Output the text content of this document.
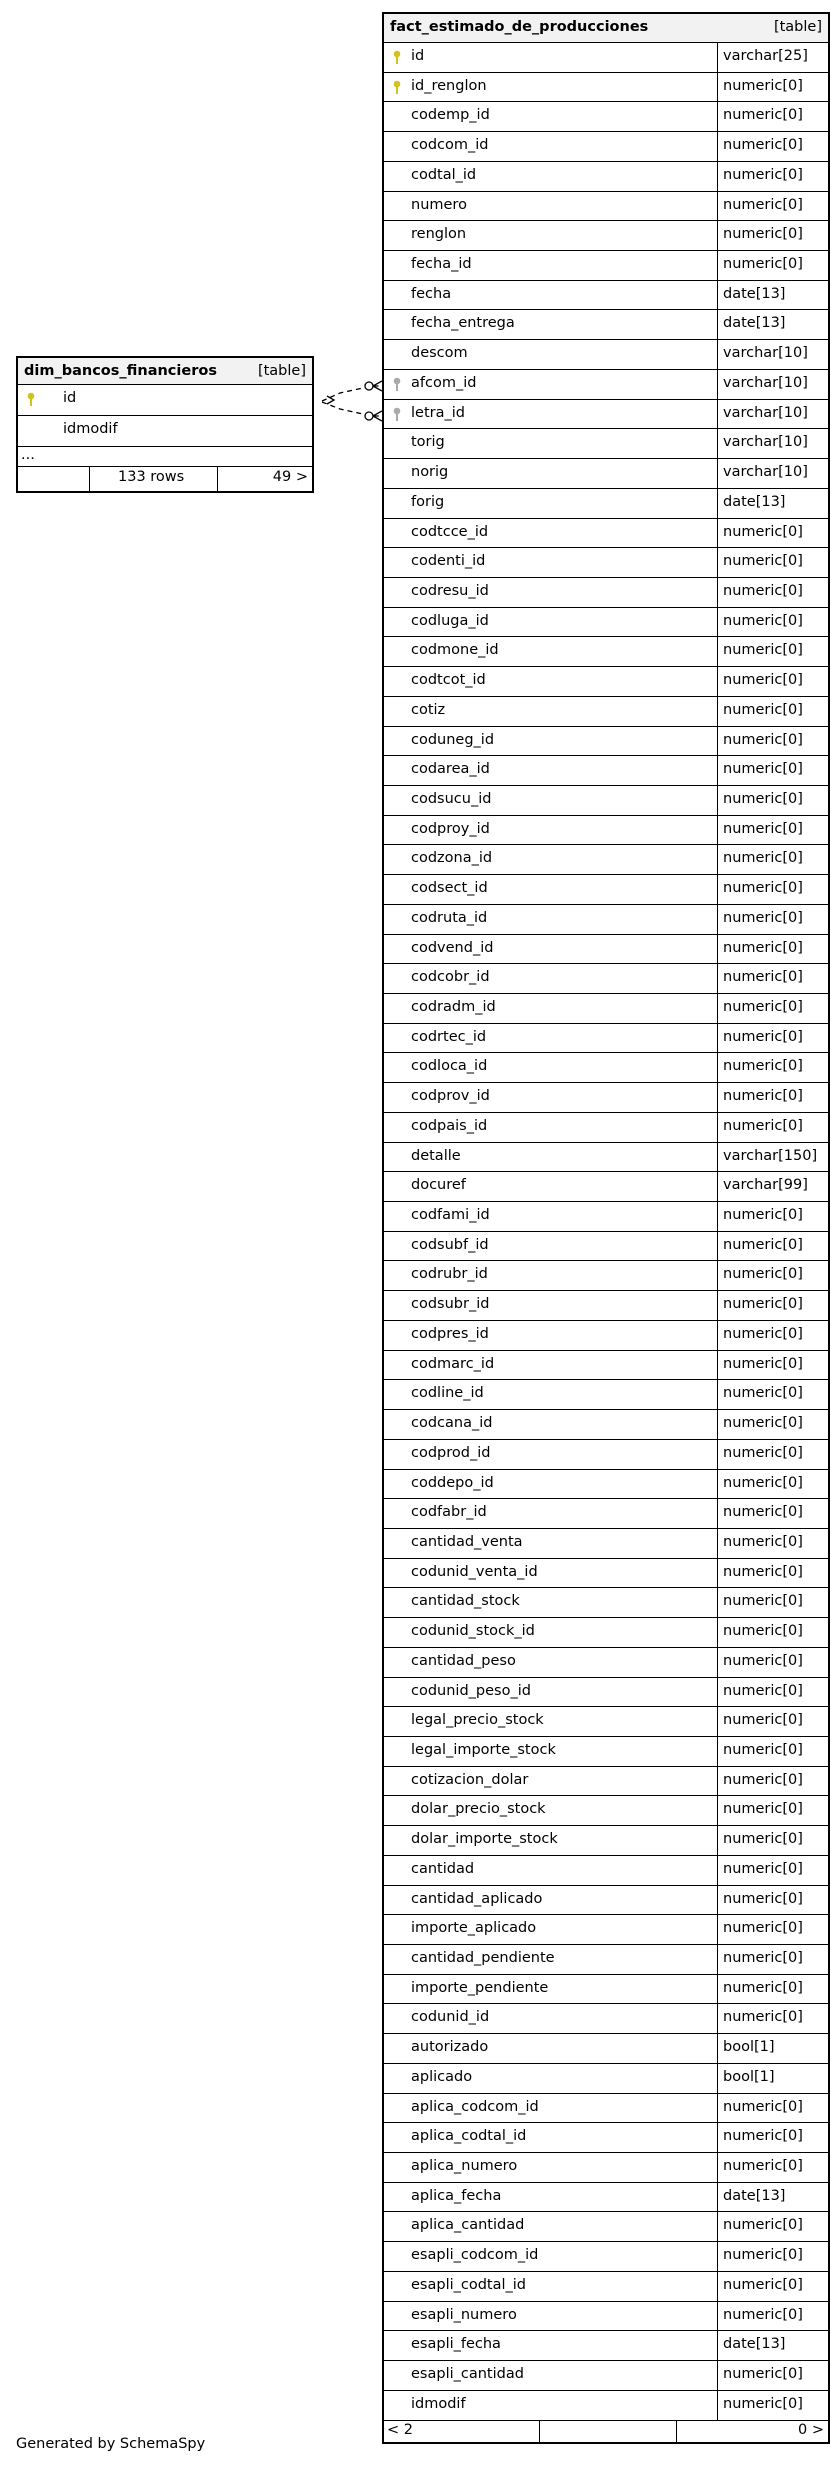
dim_bancos_financieros	[table]
id
idmodif
...
133 rows	49 >
fact_estimado_de_producciones	[table]
id	varchar[25]
id_renglon	numeric[0]
codemp_id	numeric[0]
codcom_id	numeric[0]
codtal_id	numeric[0]
numero	numeric[0]
renglon	numeric[0]
fecha_id	numeric[0]
fecha	date[13]
fecha_entrega	date[13]
descom	varchar[10]
afcom_id	varchar[10]
letra_id	varchar[10]
torig	varchar[10]
norig	varchar[10]
forig	date[13]
codtcce_id	numeric[0]
codenti_id	numeric[0]
codresu_id	numeric[0]
codluga_id	numeric[0]
codmone_id	numeric[0]
codtcot_id	numeric[0]
cotiz	numeric[0]
coduneg_id	numeric[0]
codarea_id	numeric[0]
codsucu_id	numeric[0]
codproy_id	numeric[0]
codzona_id	numeric[0]
codsect_id	numeric[0]
codruta_id	numeric[0]
codvend_id	numeric[0]
codcobr_id	numeric[0]
codradm_id	numeric[0]
codrtec_id	numeric[0]
codloca_id	numeric[0]
codprov_id	numeric[0]
codpais_id	numeric[0]
detalle	varchar[150]
docuref	varchar[99]
codfami_id	numeric[0]
codsubf_id	numeric[0]
codrubr_id	numeric[0]
codsubr_id	numeric[0]
codpres_id	numeric[0]
codmarc_id	numeric[0]
codline_id	numeric[0]
codcana_id	numeric[0]
codprod_id	numeric[0]
coddepo_id	numeric[0]
codfabr_id	numeric[0]
cantidad_venta	numeric[0]
codunid_venta_id	numeric[0]
cantidad_stock	numeric[0]
codunid_stock_id	numeric[0]
cantidad_peso	numeric[0]
codunid_peso_id	numeric[0]
legal_precio_stock	numeric[0]
legal_importe_stock	numeric[0]
cotizacion_dolar	numeric[0]
dolar_precio_stock	numeric[0]
dolar_importe_stock	numeric[0]
cantidad	numeric[0]
cantidad_aplicado	numeric[0]
importe_aplicado	numeric[0]
cantidad_pendiente	numeric[0]
importe_pendiente	numeric[0]
codunid_id	numeric[0]
autorizado	bool[1]
aplicado	bool[1]
aplica_codcom_id	numeric[0]
aplica_codtal_id	numeric[0]
aplica_numero	numeric[0]
aplica_fecha	date[13]
aplica_cantidad	numeric[0]
esapli_codcom_id	numeric[0]
esapli_codtal_id	numeric[0]
esapli_numero	numeric[0]
esapli_fecha	date[13]
esapli_cantidad	numeric[0]
idmodif	numeric[0]
< 2	0 >
Generated by SchemaSpy
